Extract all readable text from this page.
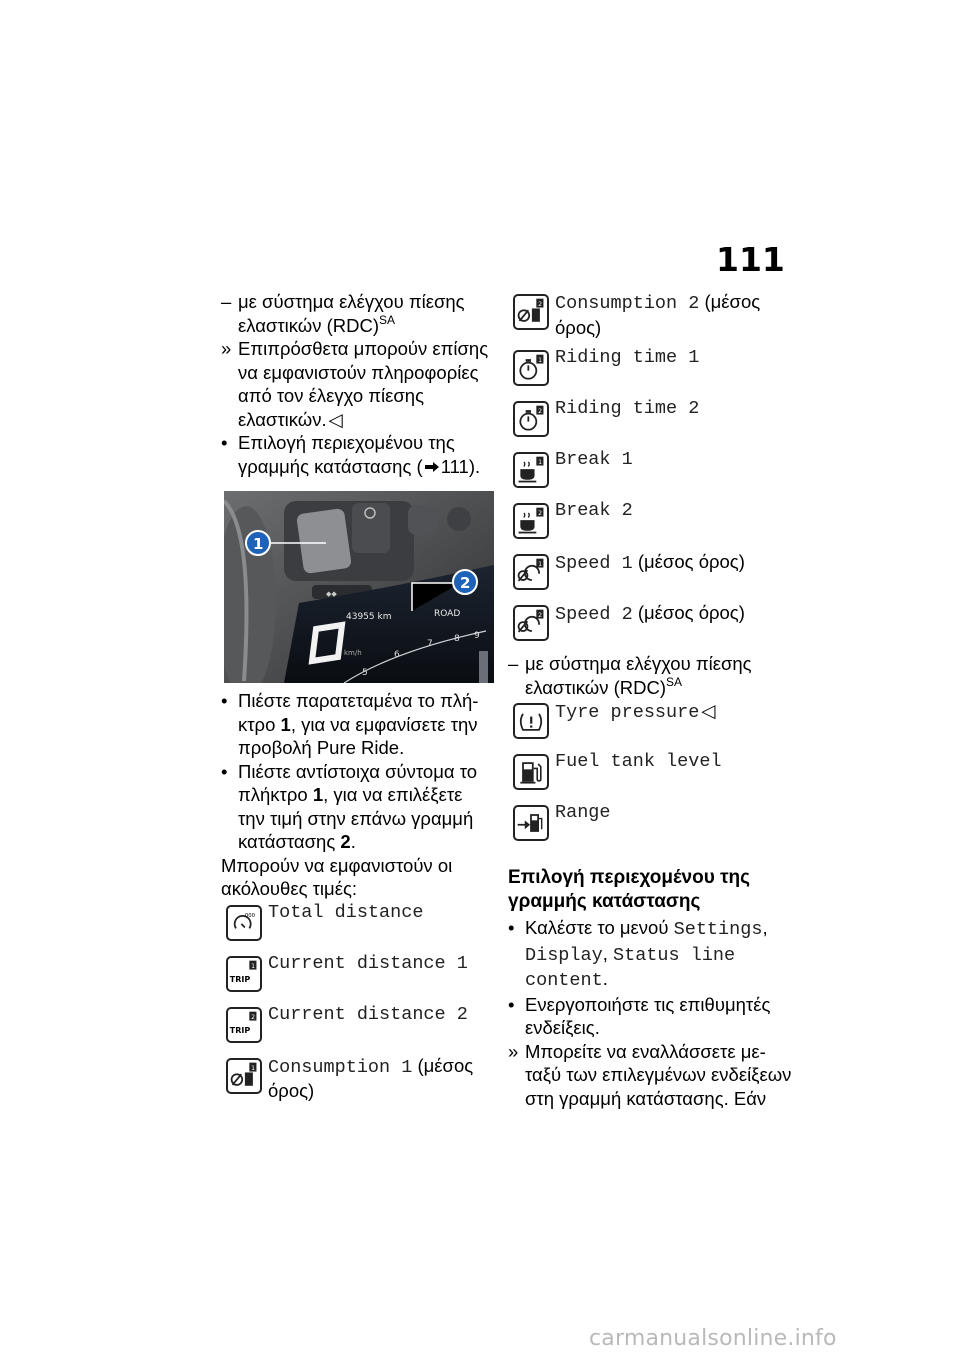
111
– με σύστημα ελέγχου πίεσης
ελαστικών (RDC)$^{SA}$
» Επιπρόσθετα μπορούν επίσης
να εμφανιστούν πληροφορίες
από τον έλεγχο πίεσης
ελαστικών. ◁
• Επιλογή περιεχομένου της
γραμμής κατάστασης ( 111).
◆◆
43955 km	ROAD
km/h
5
6
7 8 9
1
2
• Πιέστε παρατεταμένα το πλή-
κτρο 1, για να εμφανίσετε την
προβολή Pure Ride.
• Πιέστε αντίστοιχα σύντομα το
πλήκτρο 1, για να επιλέξετε
την τιμή στην επάνω γραμμή
κατάστασης 2.
Μπορούν να εμφανιστούν οι
ακόλουθες τιμές:
000 Total distance
TRIP
1 Current distance 1
TRIP
2 Current distance 2
1 Consumption 1 (μέσος
όρος)
2 Consumption 2 (μέσος
όρος)
1 Riding time 1
2 Riding time 2
1 Break 1
2 Break 2
1 Speed 1 (μέσος όρος)
2 Speed 2 (μέσος όρος)
– με σύστημα ελέγχου πίεσης
ελαστικών (RDC)$^{SA}$
Tyre pressure ◁
Fuel tank level
Range
Επιλογή περιεχομένου της
γραμμής κατάστασης
• Καλέστε το μενού Settings,
Display, Status line
content.
• Ενεργοποιήστε τις επιθυμητές
ενδείξεις.
» Μπορείτε να εναλλάσσετε με-
ταξύ των επιλεγμένων ενδείξεων
στη γραμμή κατάστασης. Εάν
carmanualsonline.info
